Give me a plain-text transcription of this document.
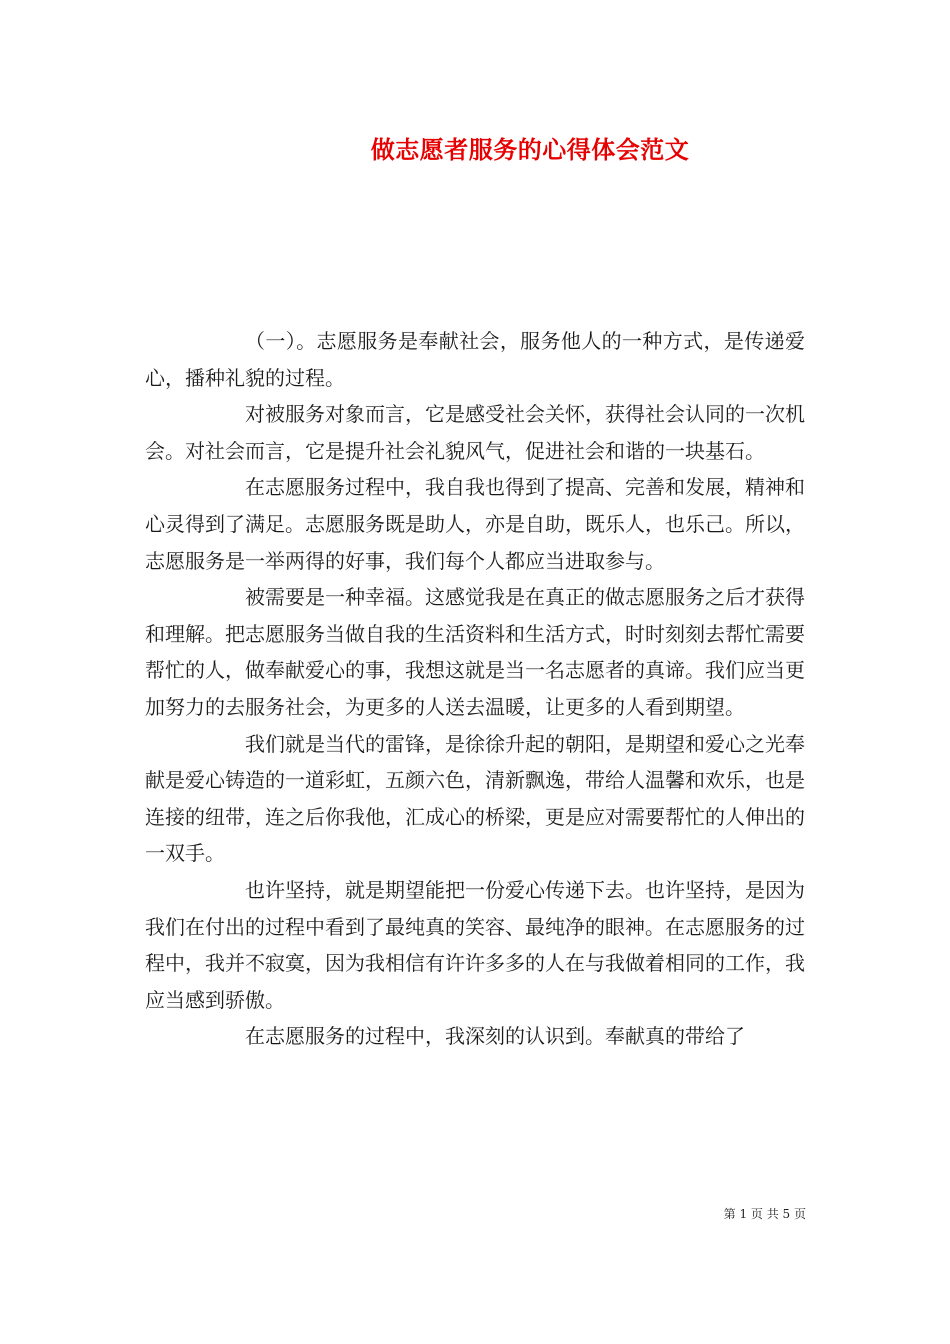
做志愿者服务的心得体会范文

（一）。志愿服务是奉献社会，服务他人的一种方式，是传递爱心，播种礼貌的过程。

对被服务对象而言，它是感受社会关怀，获得社会认同的一次机会。对社会而言，它是提升社会礼貌风气，促进社会和谐的一块基石。

在志愿服务过程中，我自我也得到了提高、完善和发展，精神和心灵得到了满足。志愿服务既是助人，亦是自助，既乐人，也乐己。所以，志愿服务是一举两得的好事，我们每个人都应当进取参与。

被需要是一种幸福。这感觉我是在真正的做志愿服务之后才获得和理解。把志愿服务当做自我的生活资料和生活方式，时时刻刻去帮忙需要帮忙的人，做奉献爱心的事，我想这就是当一名志愿者的真谛。我们应当更加努力的去服务社会，为更多的人送去温暖，让更多的人看到期望。

我们就是当代的雷锋，是徐徐升起的朝阳，是期望和爱心之光奉献是爱心铸造的一道彩虹，五颜六色，清新飘逸，带给人温馨和欢乐，也是连接的纽带，连之后你我他，汇成心的桥梁，更是应对需要帮忙的人伸出的一双手。

也许坚持，就是期望能把一份爱心传递下去。也许坚持，是因为我们在付出的过程中看到了最纯真的笑容、最纯净的眼神。在志愿服务的过程中，我并不寂寞，因为我相信有许许多多的人在与我做着相同的工作，我应当感到骄傲。

在志愿服务的过程中，我深刻的认识到。奉献真的带给了

第 1 页 共 5 页
